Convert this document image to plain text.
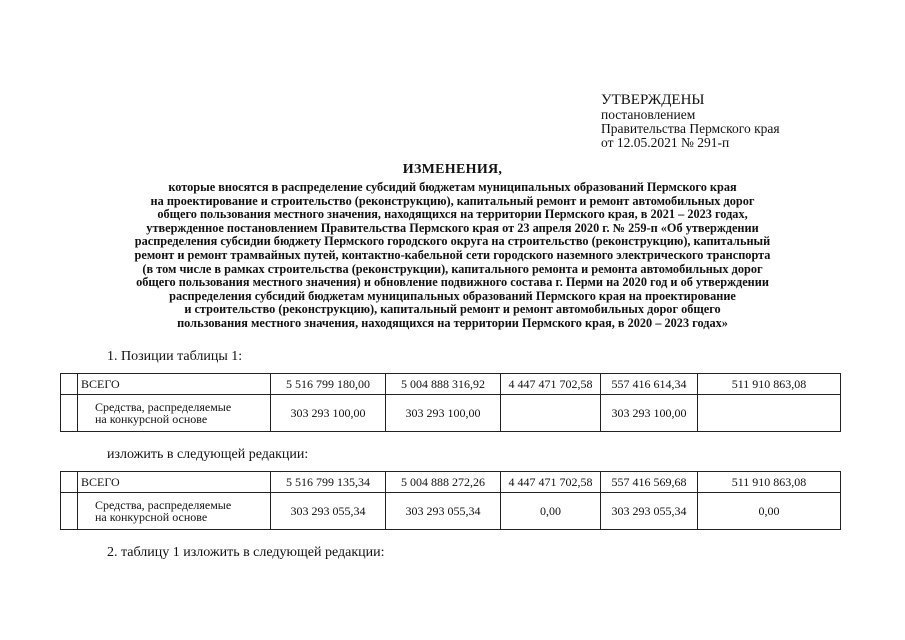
УТВЕРЖДЕНЫ
постановлением
Правительства Пермского края
от 12.05.2021 № 291-п
ИЗМЕНЕНИЯ,
которые вносятся в распределение субсидий бюджетам муниципальных образований Пермского края
на проектирование и строительство (реконструкцию), капитальный ремонт и ремонт автомобильных дорог
общего пользования местного значения, находящихся на территории Пермского края, в 2021 – 2023 годах,
утвержденное постановлением Правительства Пермского края от 23 апреля 2020 г. № 259-п «Об утверждении
распределения субсидии бюджету Пермского городского округа на строительство (реконструкцию), капитальный
ремонт и ремонт трамвайных путей, контактно-кабельной сети городского наземного электрического транспорта
(в том числе в рамках строительства (реконструкции), капитального ремонта и ремонта автомобильных дорог
общего пользования местного значения) и обновление подвижного состава г. Перми на 2020 год и об утверждении
распределения субсидий бюджетам муниципальных образований Пермского края на проектирование
и строительство (реконструкцию), капитальный ремонт и ремонт автомобильных дорог общего
пользования местного значения, находящихся на территории Пермского края, в 2020 – 2023 годах»
1. Позиции таблицы 1:
	ВСЕГО	5 516 799 180,00	5 004 888 316,92	4 447 471 702,58	557 416 614,34	511 910 863,08

	Средства, распределяемые
на конкурсной основе	303 293 100,00	303 293 100,00		303 293 100,00	
изложить в следующей редакции:
	ВСЕГО	5 516 799 135,34	5 004 888 272,26	4 447 471 702,58	557 416 569,68	511 910 863,08

	Средства, распределяемые
на конкурсной основе	303 293 055,34	303 293 055,34	0,00	303 293 055,34	0,00
2. таблицу 1 изложить в следующей редакции:
